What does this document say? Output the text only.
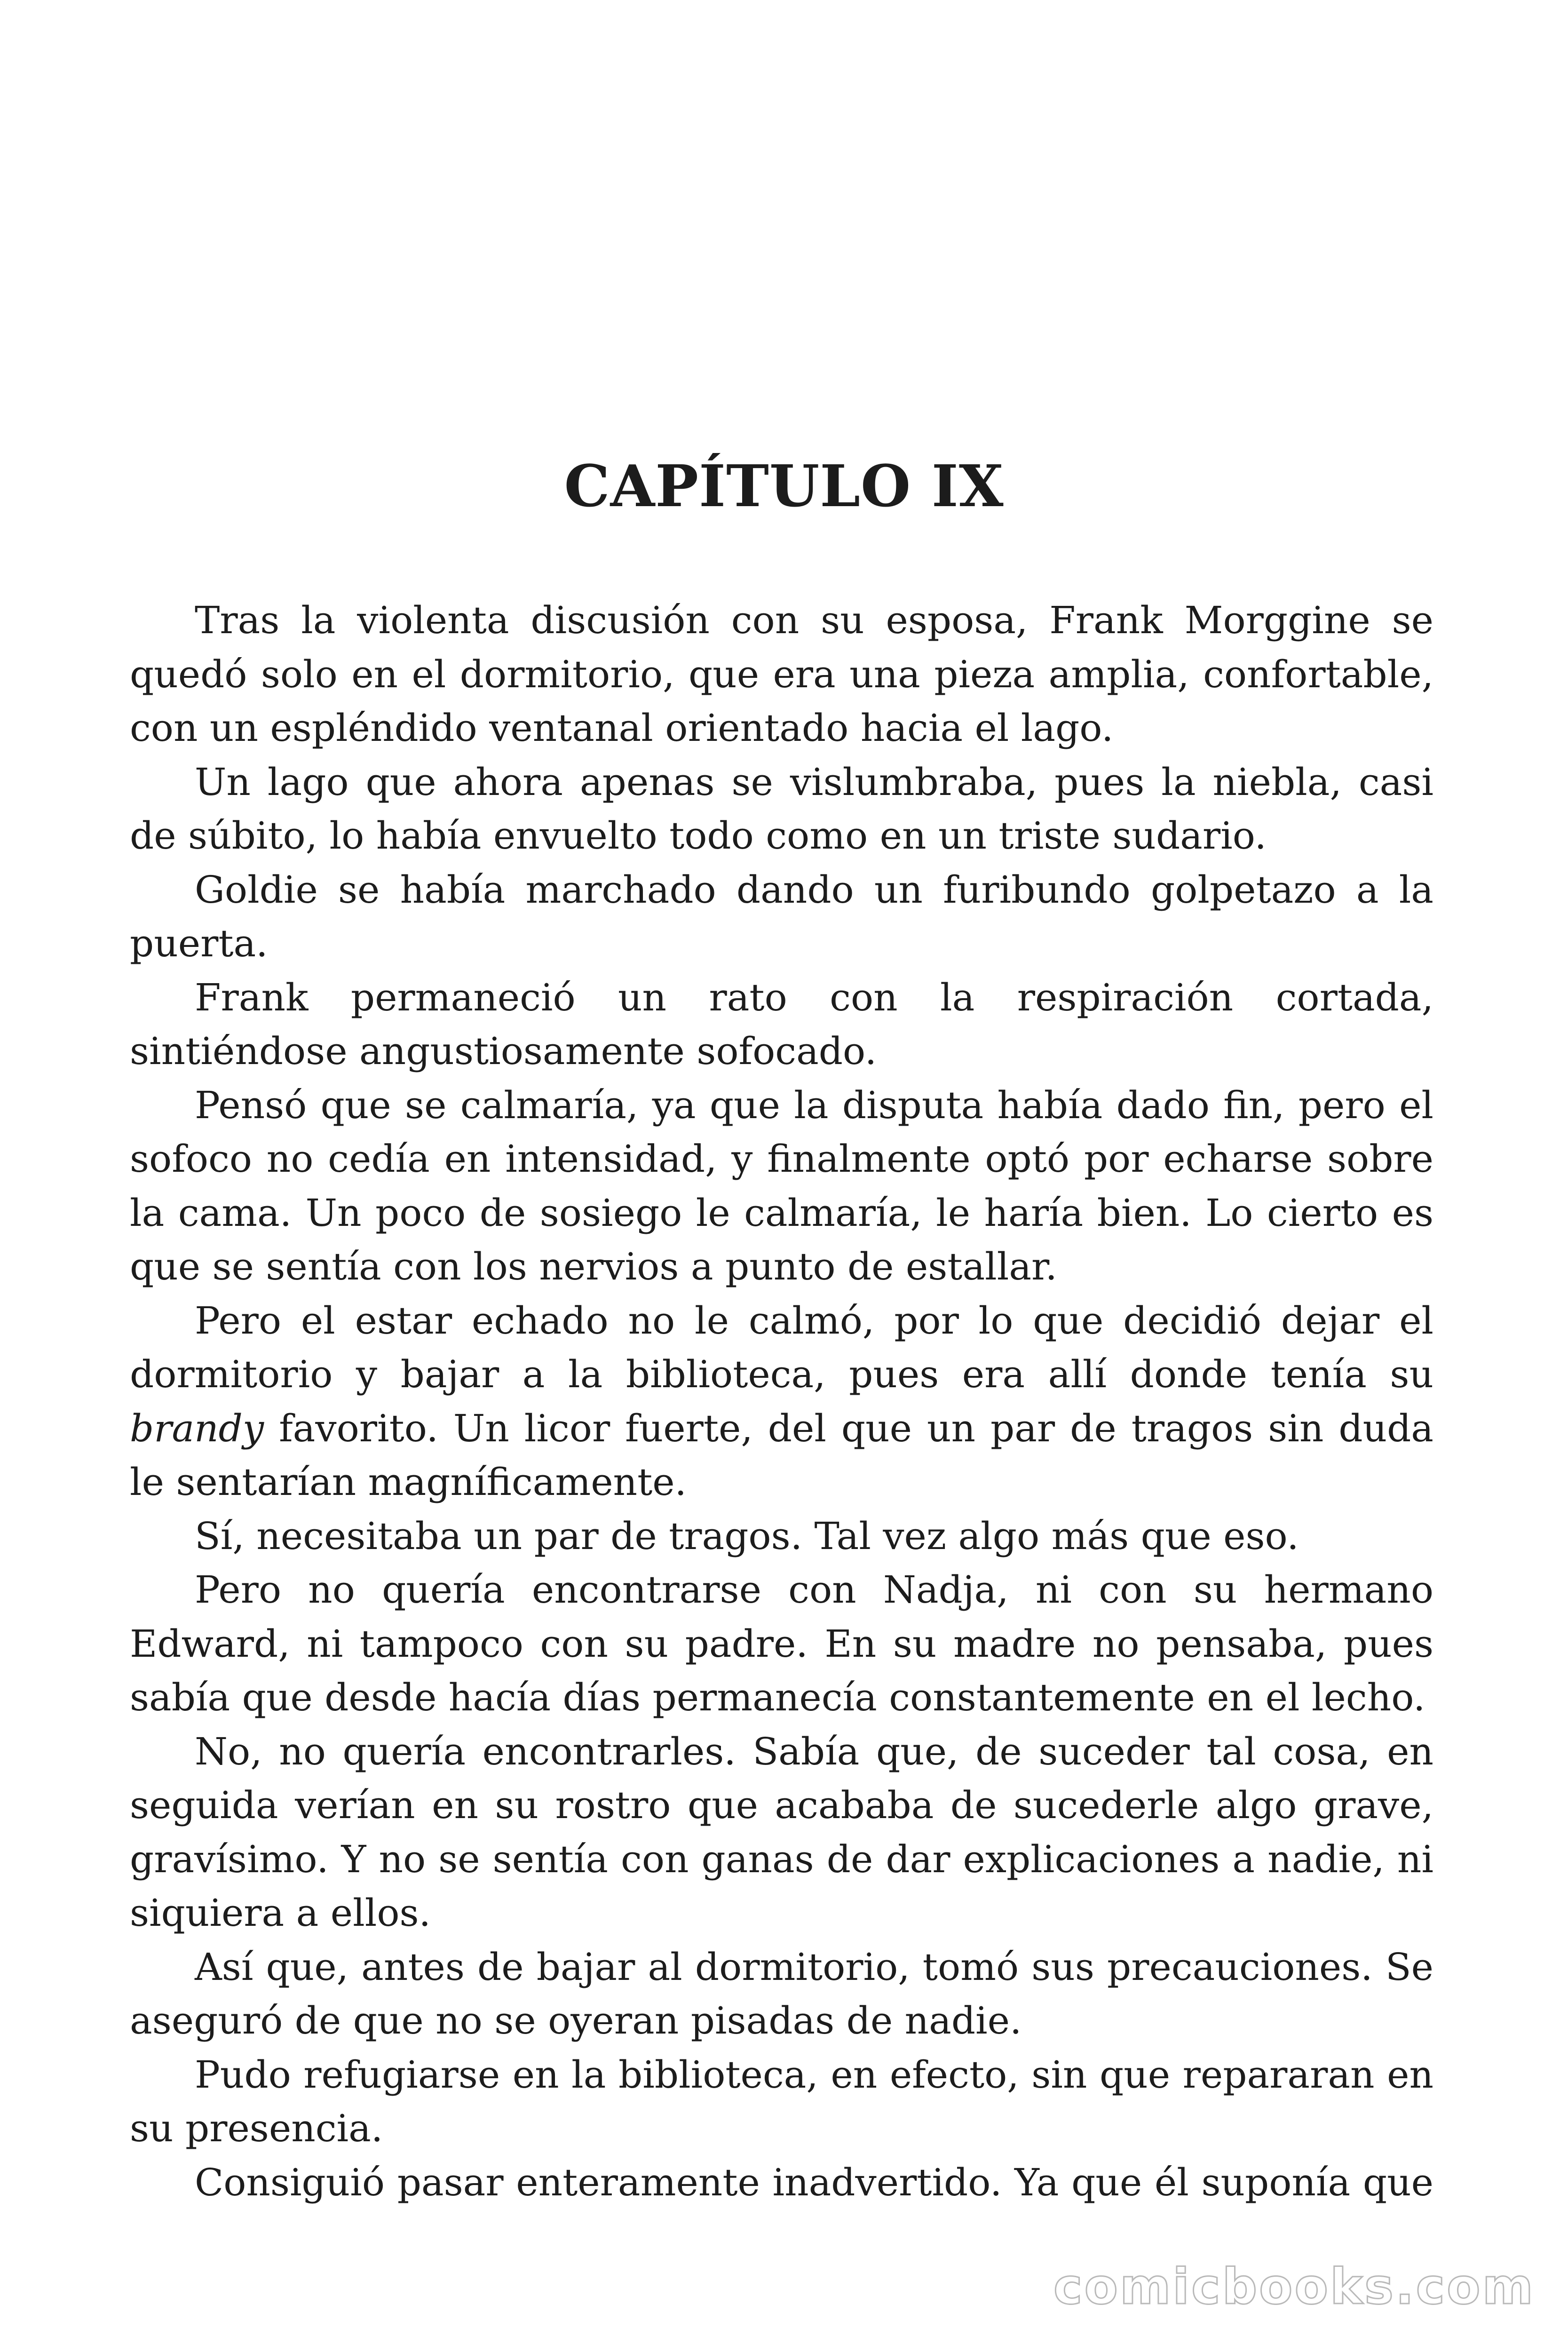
CAPÍTULO IX

Tras la violenta discusión con su esposa, Frank Morggine se quedó solo en el dormitorio, que era una pieza amplia, confortable, con un espléndido ventanal orientado hacia el lago.

Un lago que ahora apenas se vislumbraba, pues la niebla, casi de súbito, lo había envuelto todo como en un triste sudario.

Goldie se había marchado dando un furibundo golpetazo a la puerta.

Frank permaneció un rato con la respiración cortada, sintiéndose angustiosamente sofocado.

Pensó que se calmaría, ya que la disputa había dado fin, pero el sofoco no cedía en intensidad, y finalmente optó por echarse sobre la cama. Un poco de sosiego le calmaría, le haría bien. Lo cierto es que se sentía con los nervios a punto de estallar.

Pero el estar echado no le calmó, por lo que decidió dejar el dormitorio y bajar a la biblioteca, pues era allí donde tenía su brandy favorito. Un licor fuerte, del que un par de tragos sin duda le sentarían magníficamente.

Sí, necesitaba un par de tragos. Tal vez algo más que eso.

Pero no quería encontrarse con Nadja, ni con su hermano Edward, ni tampoco con su padre. En su madre no pensaba, pues sabía que desde hacía días permanecía constantemente en el lecho.

No, no quería encontrarles. Sabía que, de suceder tal cosa, en seguida verían en su rostro que acababa de sucederle algo grave, gravísimo. Y no se sentía con ganas de dar explicaciones a nadie, ni siquiera a ellos.

Así que, antes de bajar al dormitorio, tomó sus precauciones. Se aseguró de que no se oyeran pisadas de nadie.

Pudo refugiarse en la biblioteca, en efecto, sin que repararan en su presencia.

Consiguió pasar enteramente inadvertido. Ya que él suponía que

comicbooks.com
